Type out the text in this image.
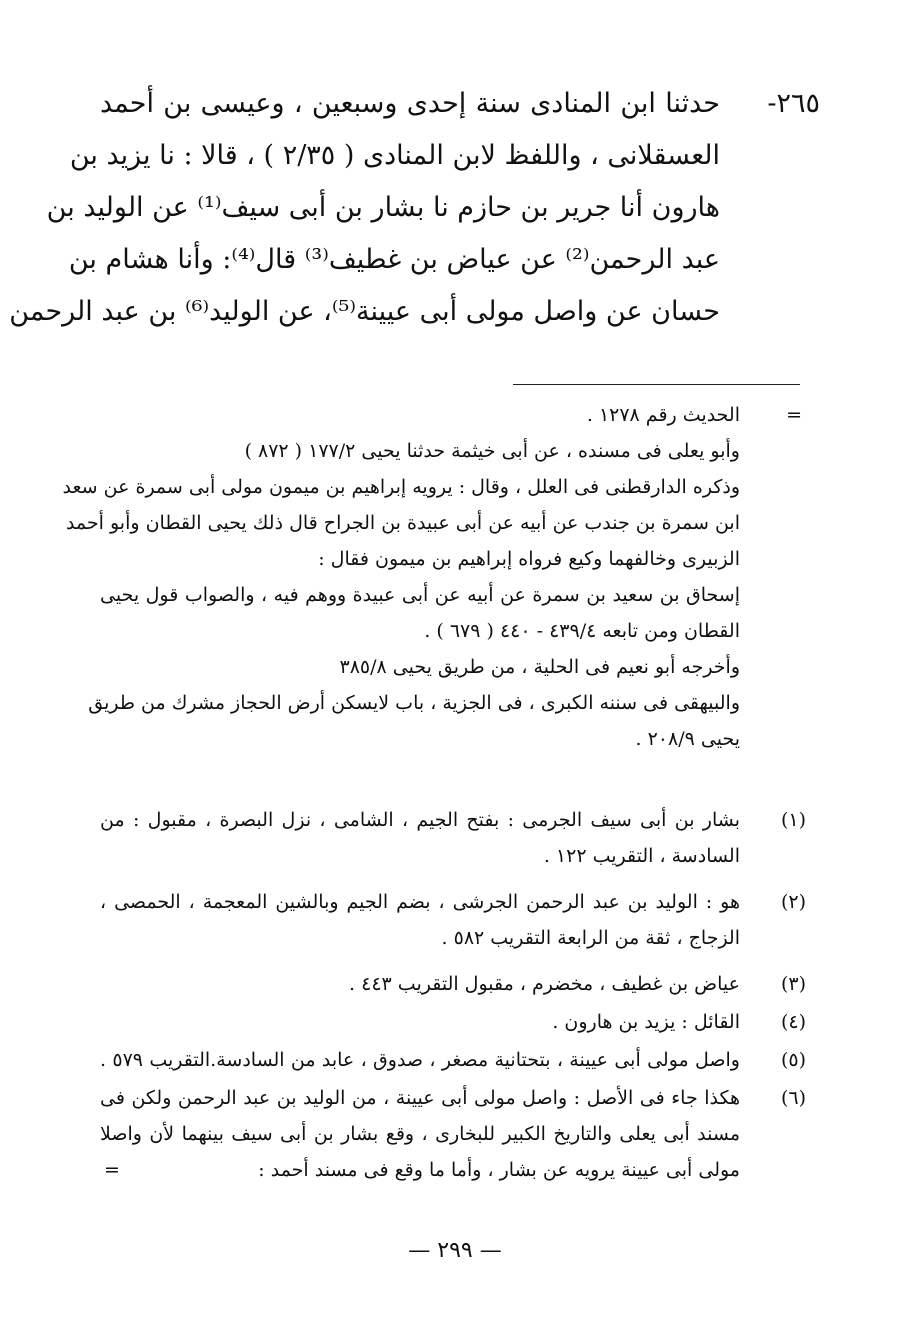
٢٦٥-
حدثنا ابن المنادى سنة إحدى وسبعين ، وعيسى بن أحمد
العسقلانى ، واللفظ لابن المنادى ( ٢/٣٥ ) ، قالا : نا يزيد بن
هارون أنا جرير بن حازم نا بشار بن أبى سيف⁽¹⁾ عن الوليد بن
عبد الرحمن⁽²⁾ عن عياض بن غطيف⁽³⁾ قال⁽⁴⁾: وأنا هشام بن
حسان عن واصل مولى أبى عيينة⁽⁵⁾، عن الوليد⁽⁶⁾ بن عبد الرحمن
=
الحديث رقم ١٢٧٨ .
وأبو يعلى فى مسنده ، عن أبى خيثمة حدثنا يحيى ١٧٧/٢ ( ٨٧٢ )
وذكره الدارقطنى فى العلل ، وقال : يرويه إبراهيم بن ميمون مولى أبى سمرة عن سعد
ابن سمرة بن جندب عن أبيه عن أبى عبيدة بن الجراح قال ذلك يحيى القطان وأبو أحمد
الزبيرى وخالفهما وكيع فرواه إبراهيم بن ميمون فقال :
إسحاق بن سعيد بن سمرة عن أبيه عن أبى عبيدة ووهم فيه ، والصواب قول يحيى
القطان ومن تابعه ٤٣٩/٤ - ٤٤٠ ( ٦٧٩ ) .
وأخرجه أبو نعيم فى الحلية ، من طريق يحيى ٣٨٥/٨
والبيهقى فى سننه الكبرى ، فى الجزية ، باب لايسكن أرض الحجاز مشرك من طريق
يحيى ٢٠٨/٩ .
(١)
بشار بن أبى سيف الجرمى : بفتح الجيم ، الشامى ، نزل البصرة ، مقبول : من
السادسة ، التقريب ١٢٢ .
(٢)
هو : الوليد بن عبد الرحمن الجرشى ، بضم الجيم وبالشين المعجمة ، الحمصى ،
الزجاج ، ثقة من الرابعة التقريب ٥٨٢ .
(٣)
عياض بن غطيف ، مخضرم ، مقبول التقريب ٤٤٣ .
(٤)
القائل : يزيد بن هارون .
(٥)
واصل مولى أبى عيينة ، بتحتانية مصغر ، صدوق ، عابد من السادسة.التقريب ٥٧٩ .
(٦)
هكذا جاء فى الأصل : واصل مولى أبى عيينة ، من الوليد بن عبد الرحمن ولكن فى
مسند أبى يعلى والتاريخ الكبير للبخارى ، وقع بشار بن أبى سيف بينهما لأن واصلا
مولى أبى عيينة يرويه عن بشار ، وأما ما وقع فى مسند أحمد :
=
— ٢٩٩ —
